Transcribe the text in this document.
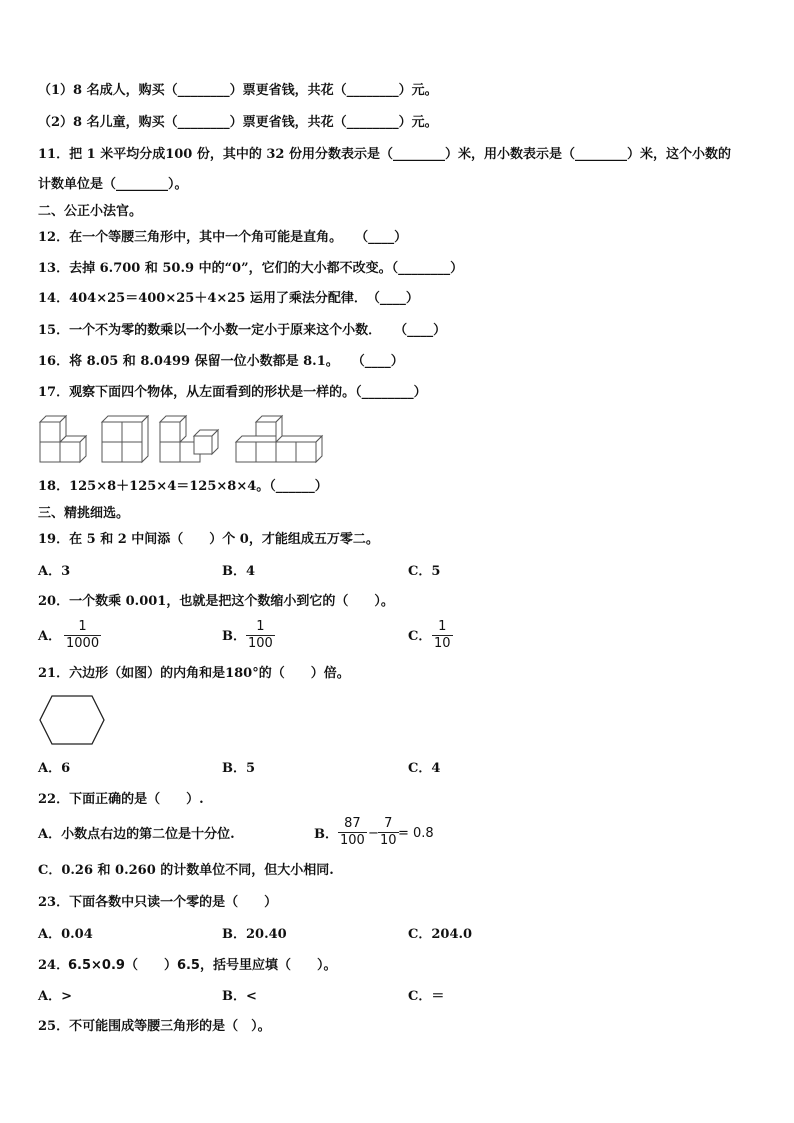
（1）8 名成人，购买（________）票更省钱，共花（________）元。
（2）8 名儿童，购买（________）票更省钱，共花（________）元。
11．把 1 米平均分成100 份，其中的 32 份用分数表示是（________）米，用小数表示是（________）米，这个小数的
计数单位是（________）。
二、公正小法官。
12．在一个等腰三角形中，其中一个角可能是直角。　　（____）
13．去掉 6.700 和 50.9 中的“0”，它们的大小都不改变。（________）
14．404×25＝400×25＋4×25 运用了乘法分配律．　（____）
15．一个不为零的数乘以一个小数一定小于原来这个小数．　　（____）
16．将 8.05 和 8.0499 保留一位小数都是 8.1。　　（____）
17．观察下面四个物体，从左面看到的形状是一样的。（________）
18．125×8＋125×4＝125×8×4。（______）
三、精挑细选。
19．在 5 和 2 中间添（　　）个 0，才能组成五万零二。
A．3	B．4	C．5
20．一个数乘 0.001，也就是把这个数缩小到它的（　　）。
A． $\frac{1}{1000}$	B． $\frac{1}{100}$	C． $\frac{1}{10}$
21．六边形（如图）的内角和是180°的（　　）倍。
A．6	B．5	C．4
22．下面正确的是（　　）.
A．小数点右边的第二位是十分位.	B． $\frac{87}{100} - \frac{7}{10} = 0.8$
C．0.26 和 0.260 的计数单位不同，但大小相同.
23．下面各数中只读一个零的是（　　）
A．0.04	B．20.40	C．204.0
24．
6.5×0.9（　　）6.5，括号里应填（　　）。
A．>	B．<	C．＝
25．不可能围成等腰三角形的是（　）。
